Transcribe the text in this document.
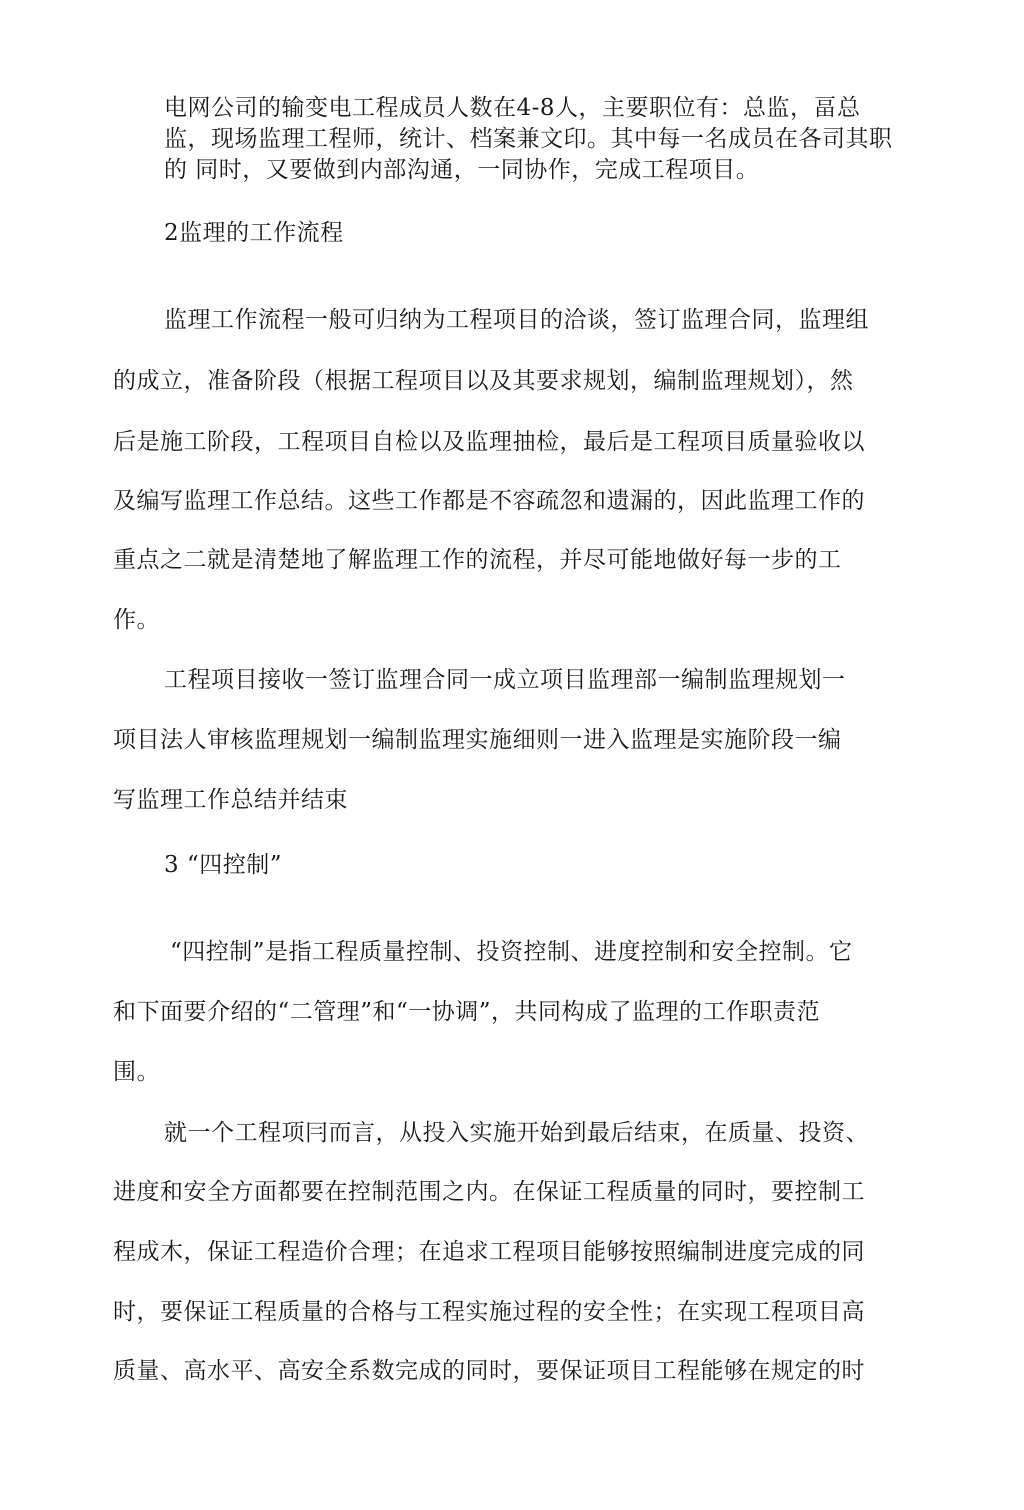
电网公司的输变电工程成员人数在4-8人，主要职位有：总监，畐总
监，现场监理工程师，统计、档案兼文印。其中每一名成员在各司其职
的 同时，又要做到内部沟通，一同协作，完成工程项目。
2监理的工作流程
监理工作流程一般可归纳为工程项目的洽谈，签订监理合同，监理组
的成立，准备阶段（根据工程项目以及其要求规划，编制监理规划），然
后是施工阶段，工程项目自检以及监理抽检，最后是工程项目质量验收以
及编写监理工作总结。这些工作都是不容疏忽和遗漏的，因此监理工作的
重点之二就是清楚地了解监理工作的流程，并尽可能地做好每一步的工
作。
工程项目接收一签订监理合同一成立项目监理部一编制监理规划一
项目法人审核监理规划一编制监理实施细则一进入监理是实施阶段一编
写监理工作总结并结束
3 “四控制”
“四控制”是指工程质量控制、投资控制、进度控制和安全控制。它
和下面要介绍的“二管理”和“一协调”，共同构成了监理的工作职责范
围。
就一个工程项冃而言，从投入实施开始到最后结束，在质量、投资、
进度和安全方面都要在控制范围之内。在保证工程质量的同时，要控制工
程成木，保证工程造价合理；在追求工程项目能够按照编制进度完成的同
时，要保证工程质量的合格与工程实施过程的安全性；在实现工程项目高
质量、高水平、高安全系数完成的同时，要保证项目工程能够在规定的时
